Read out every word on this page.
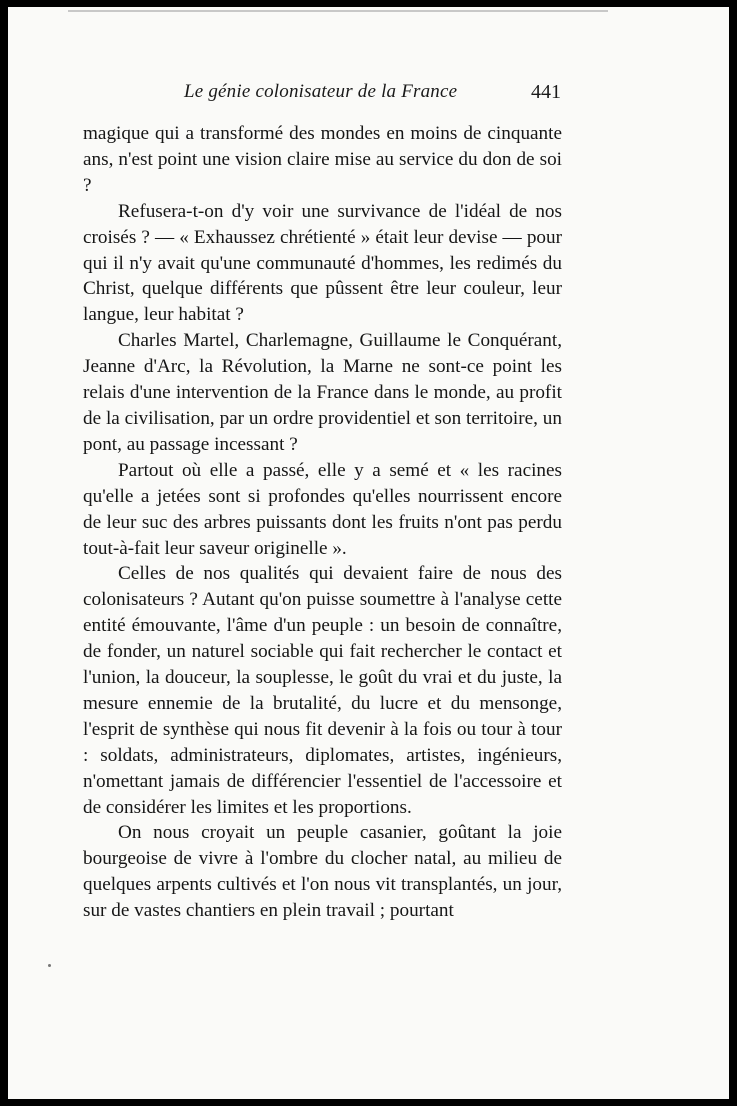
Le génie colonisateur de la France	441

magique qui a transformé des mondes en moins de cinquante ans, n'est point une vision claire mise au service du don de soi ?

Refusera-t-on d'y voir une survivance de l'idéal de nos croisés ? — « Exhaussez chrétienté » était leur devise — pour qui il n'y avait qu'une communauté d'hommes, les redimés du Christ, quelque différents que pûssent être leur couleur, leur langue, leur habitat ?

Charles Martel, Charlemagne, Guillaume le Conquérant, Jeanne d'Arc, la Révolution, la Marne ne sont-ce point les relais d'une intervention de la France dans le monde, au profit de la civilisation, par un ordre providentiel et son territoire, un pont, au passage incessant ?

Partout où elle a passé, elle y a semé et « les racines qu'elle a jetées sont si profondes qu'elles nourrissent encore de leur suc des arbres puissants dont les fruits n'ont pas perdu tout-à-fait leur saveur originelle ».

Celles de nos qualités qui devaient faire de nous des colonisateurs ? Autant qu'on puisse soumettre à l'analyse cette entité émouvante, l'âme d'un peuple : un besoin de connaître, de fonder, un naturel sociable qui fait rechercher le contact et l'union, la douceur, la souplesse, le goût du vrai et du juste, la mesure ennemie de la brutalité, du lucre et du mensonge, l'esprit de synthèse qui nous fit devenir à la fois ou tour à tour : soldats, administrateurs, diplomates, artistes, ingénieurs, n'omettant jamais de différencier l'essentiel de l'accessoire et de considérer les limites et les proportions.

On nous croyait un peuple casanier, goûtant la joie bourgeoise de vivre à l'ombre du clocher natal, au milieu de quelques arpents cultivés et l'on nous vit transplantés, un jour, sur de vastes chantiers en plein travail ; pourtant
